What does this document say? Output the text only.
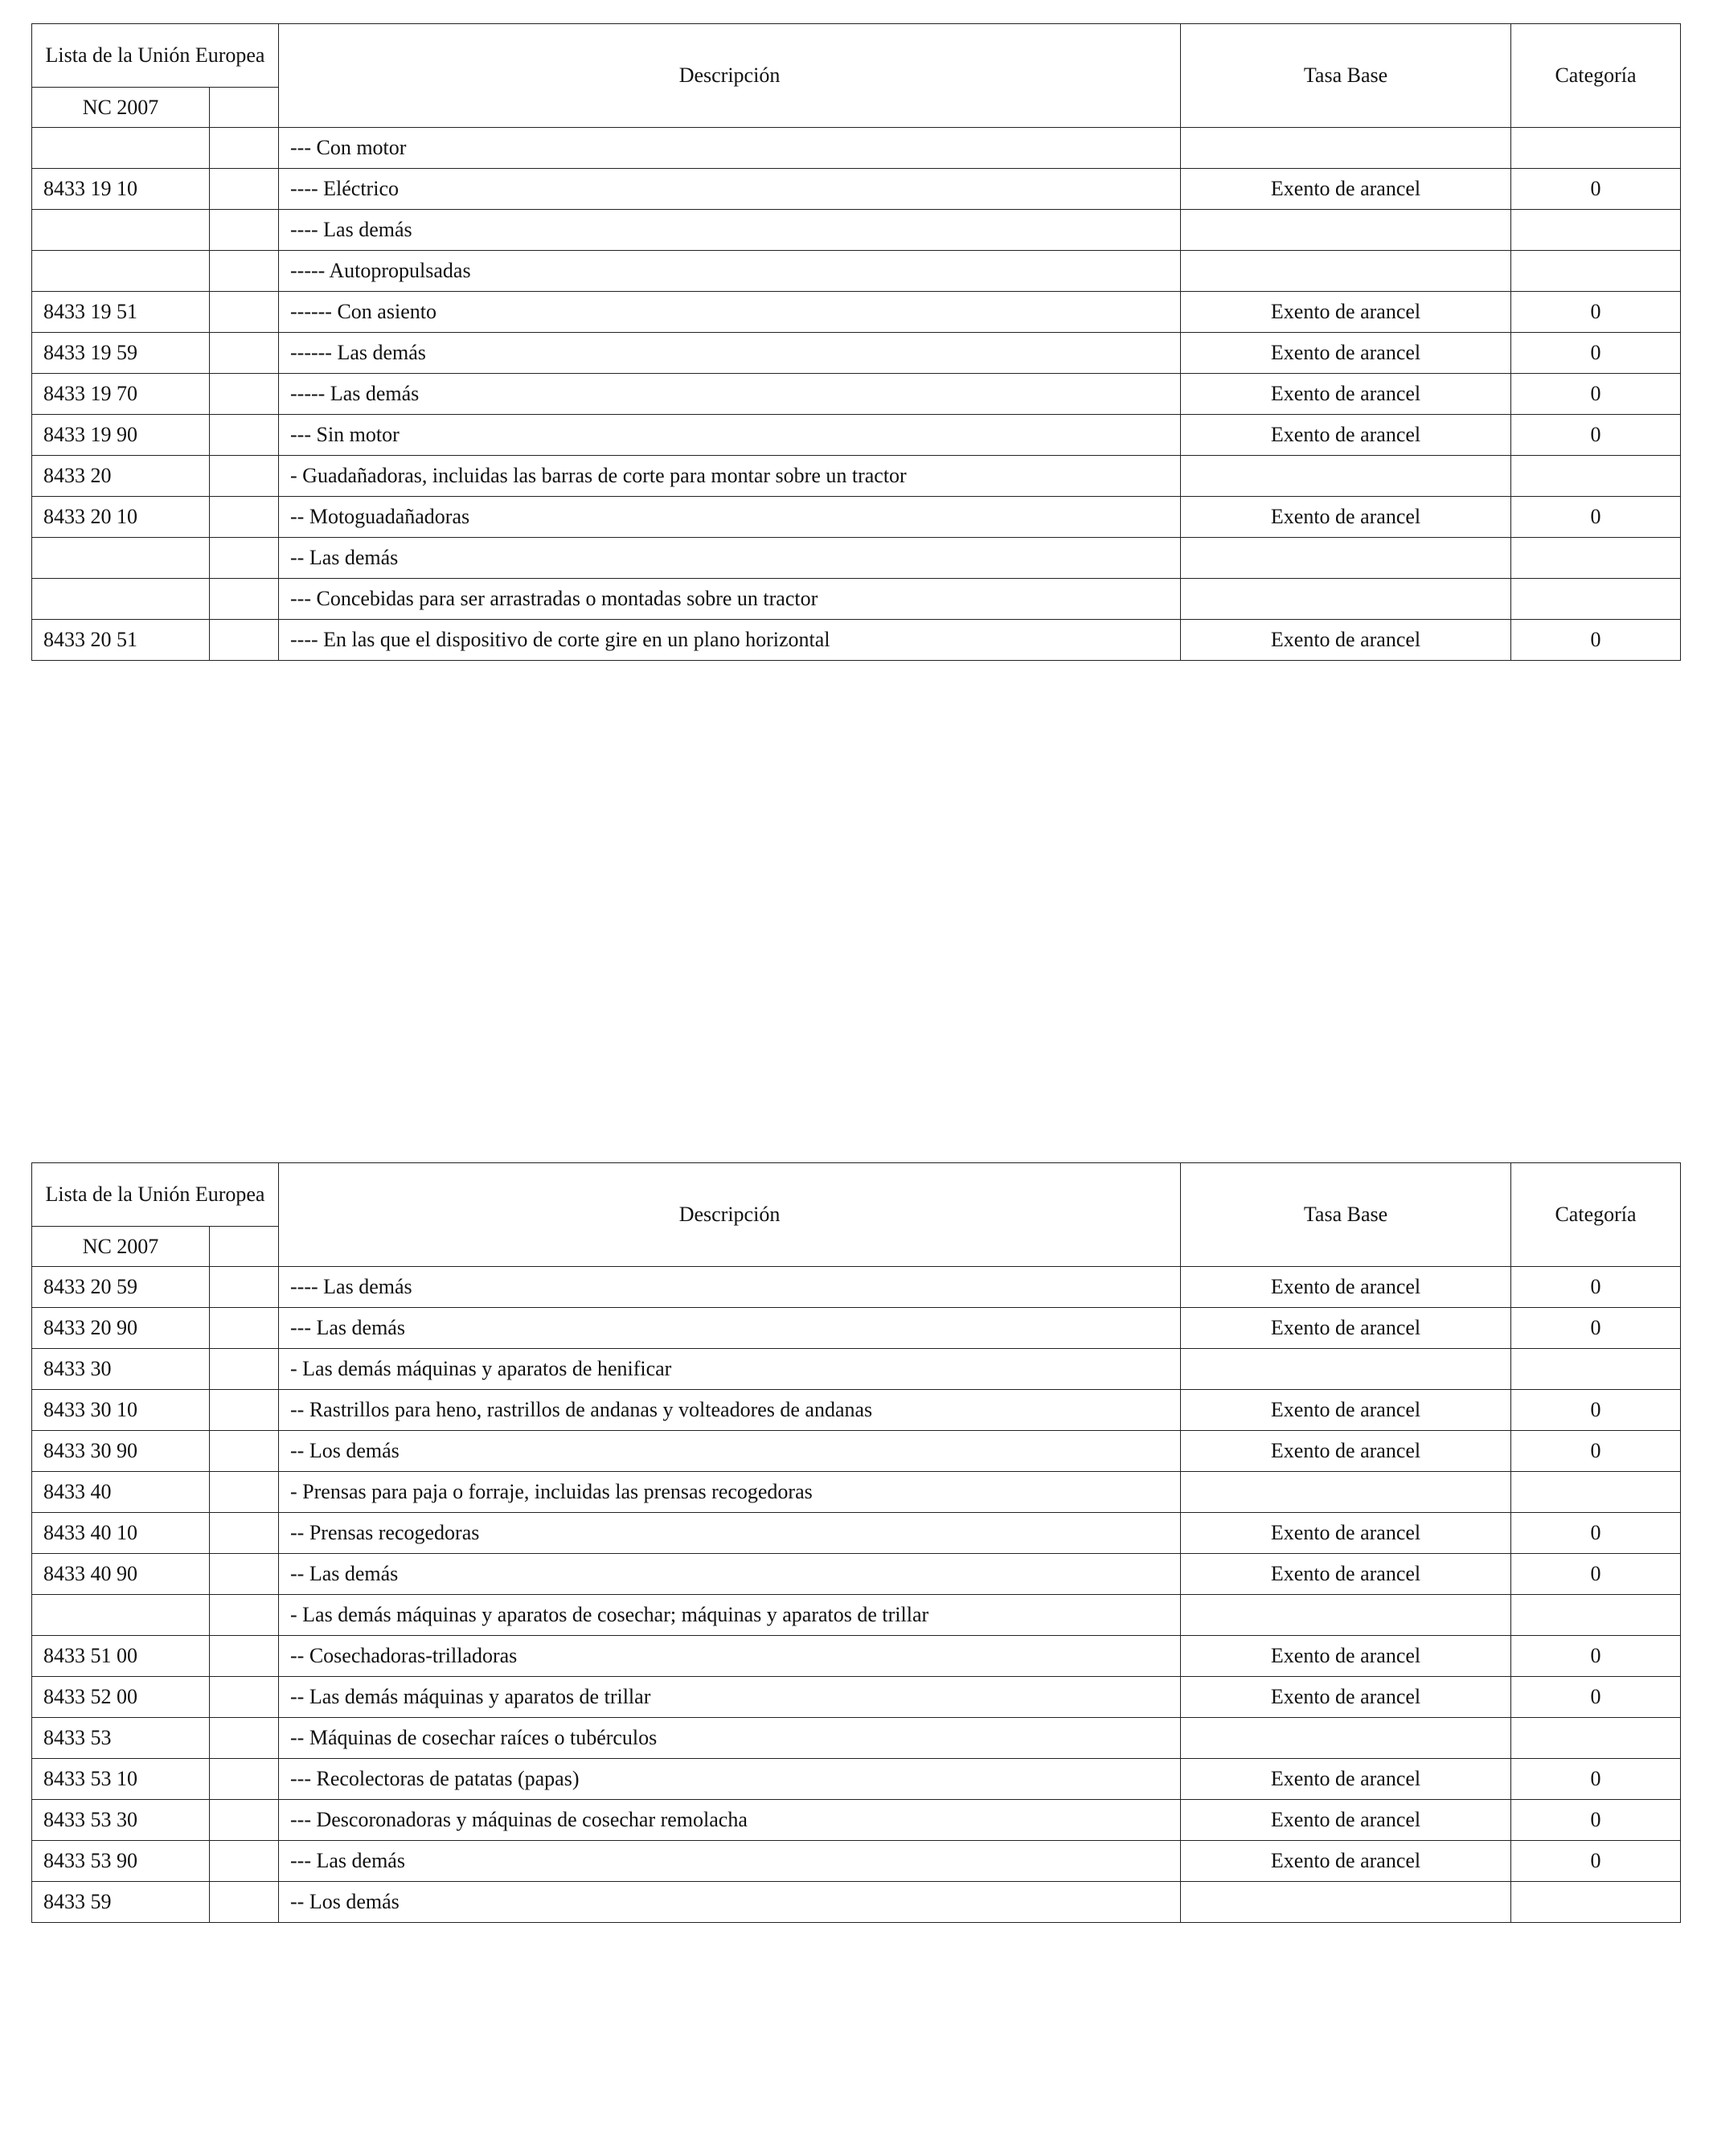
Lista de la Unión Europea		Descripción	Tasa Base	Categoría
NC 2007				
		--- Con motor		
8433 19 10		---- Eléctrico	Exento de arancel	0
		---- Las demás		
		----- Autopropulsadas		
8433 19 51		------ Con asiento	Exento de arancel	0
8433 19 59		------ Las demás	Exento de arancel	0
8433 19 70		----- Las demás	Exento de arancel	0
8433 19 90		--- Sin motor	Exento de arancel	0
8433 20		- Guadañadoras, incluidas las barras de corte para montar sobre un tractor		
8433 20 10		-- Motoguadañadoras	Exento de arancel	0
		-- Las demás		
		--- Concebidas para ser arrastradas o montadas sobre un tractor		
8433 20 51		---- En las que el dispositivo de corte gire en un plano horizontal	Exento de arancel	0
Lista de la Unión Europea		Descripción	Tasa Base	Categoría
NC 2007				
8433 20 59		---- Las demás	Exento de arancel	0
8433 20 90		--- Las demás	Exento de arancel	0
8433 30		- Las demás máquinas y aparatos de henificar		
8433 30 10		-- Rastrillos para heno, rastrillos de andanas y volteadores de andanas	Exento de arancel	0
8433 30 90		-- Los demás	Exento de arancel	0
8433 40		- Prensas para paja o forraje, incluidas las prensas recogedoras		
8433 40 10		-- Prensas recogedoras	Exento de arancel	0
8433 40 90		-- Las demás	Exento de arancel	0
		- Las demás máquinas y aparatos de cosechar; máquinas y aparatos de trillar		
8433 51 00		-- Cosechadoras-trilladoras	Exento de arancel	0
8433 52 00		-- Las demás máquinas y aparatos de trillar	Exento de arancel	0
8433 53		-- Máquinas de cosechar raíces o tubérculos		
8433 53 10		--- Recolectoras de patatas (papas)	Exento de arancel	0
8433 53 30		--- Descoronadoras y máquinas de cosechar remolacha	Exento de arancel	0
8433 53 90		--- Las demás	Exento de arancel	0
8433 59		-- Los demás		
